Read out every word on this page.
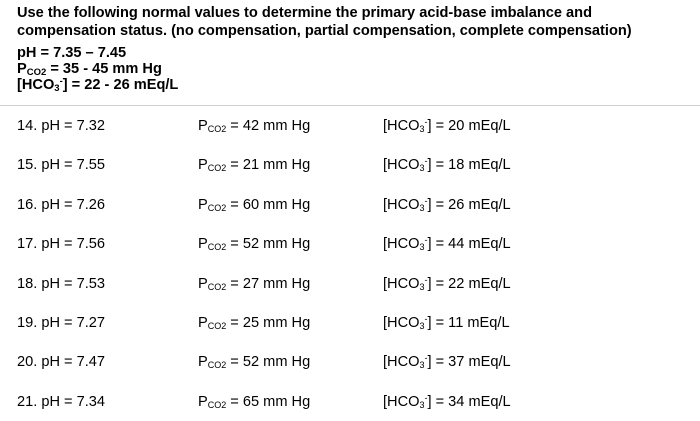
Use the following normal values to determine the primary acid-base imbalance and compensation status. (no compensation, partial compensation, complete compensation)
pH = 7.35 – 7.45
$P_{CO2} = 35 - 45$ mm Hg
$[HCO_3^-] = 22 - 26$ mEq/L
14. pH = 7.32	$P_{CO2} = 42$ mm Hg	$[HCO_3^-] = 20$ mEq/L
15. pH = 7.55	$P_{CO2} = 21$ mm Hg	$[HCO_3^-] = 18$ mEq/L
16. pH = 7.26	$P_{CO2} = 60$ mm Hg	$[HCO_3^-] = 26$ mEq/L
17. pH = 7.56	$P_{CO2} = 52$ mm Hg	$[HCO_3^-] = 44$ mEq/L
18. pH = 7.53	$P_{CO2} = 27$ mm Hg	$[HCO_3^-] = 22$ mEq/L
19. pH = 7.27	$P_{CO2} = 25$ mm Hg	$[HCO_3^-] = 11$ mEq/L
20. pH = 7.47	$P_{CO2} = 52$ mm Hg	$[HCO_3^-] = 37$ mEq/L
21. pH = 7.34	$P_{CO2} = 65$ mm Hg	$[HCO_3^-] = 34$ mEq/L
